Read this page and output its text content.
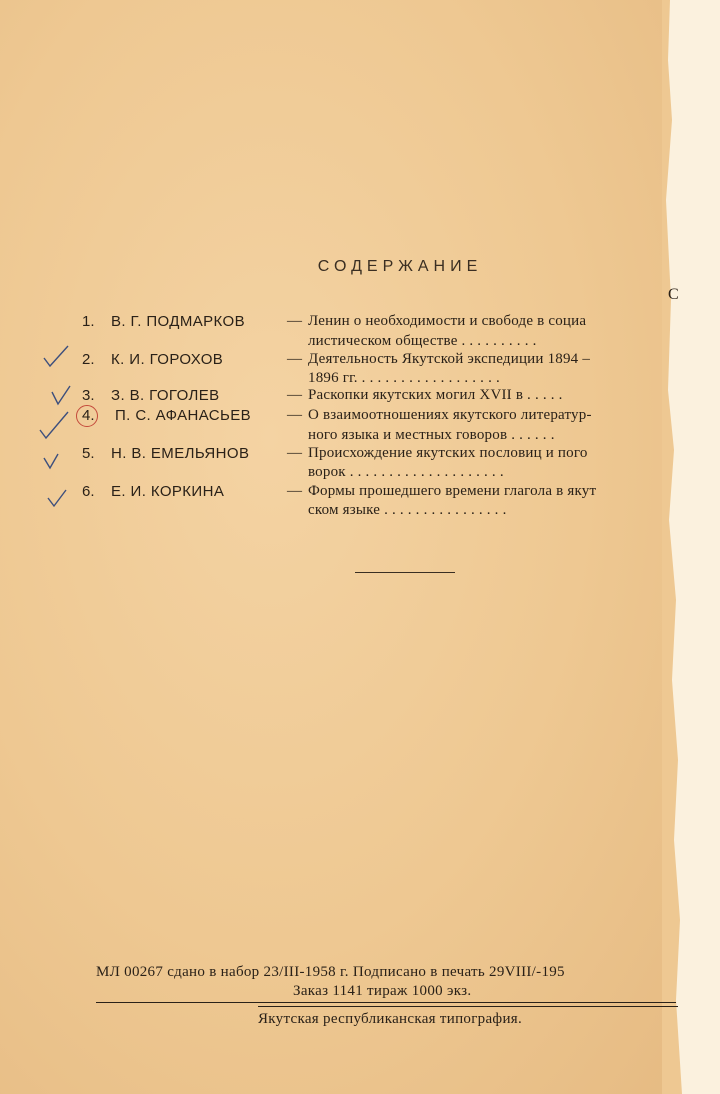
СОДЕРЖАНИЕ
С
1. В. Г. ПОДМАРКОВ	— Ленин о необходимости и свободе в социа
листическом обществе . . . . . . . . . .
2. К. И. ГОРОХОВ	— Деятельность Якутской экспедиции 1894 –
1896 гг. . . . . . . . . . . . . . . . . . .
3. З. В. ГОГОЛЕВ	— Раскопки якутских могил XVII в . . . . .
4. П. С. АФАНАСЬЕВ — О взаимоотношениях якутского литератур-
ного языка и местных говоров . . . . . .
5. Н. В. ЕМЕЛЬЯНОВ	— Происхождение якутских пословиц и пого
ворок . . . . . . . . . . . . . . . . . . . .
6. Е. И. КОРКИНА	— Формы прошедшего времени глагола в якут
ском языке . . . . . . . . . . . . . . . .
МЛ 00267 сдано в набор 23/III-1958 г. Подписано в печать 29VIII/-195
Заказ 1141 тираж 1000 экз.
Якутская республиканская типография.
